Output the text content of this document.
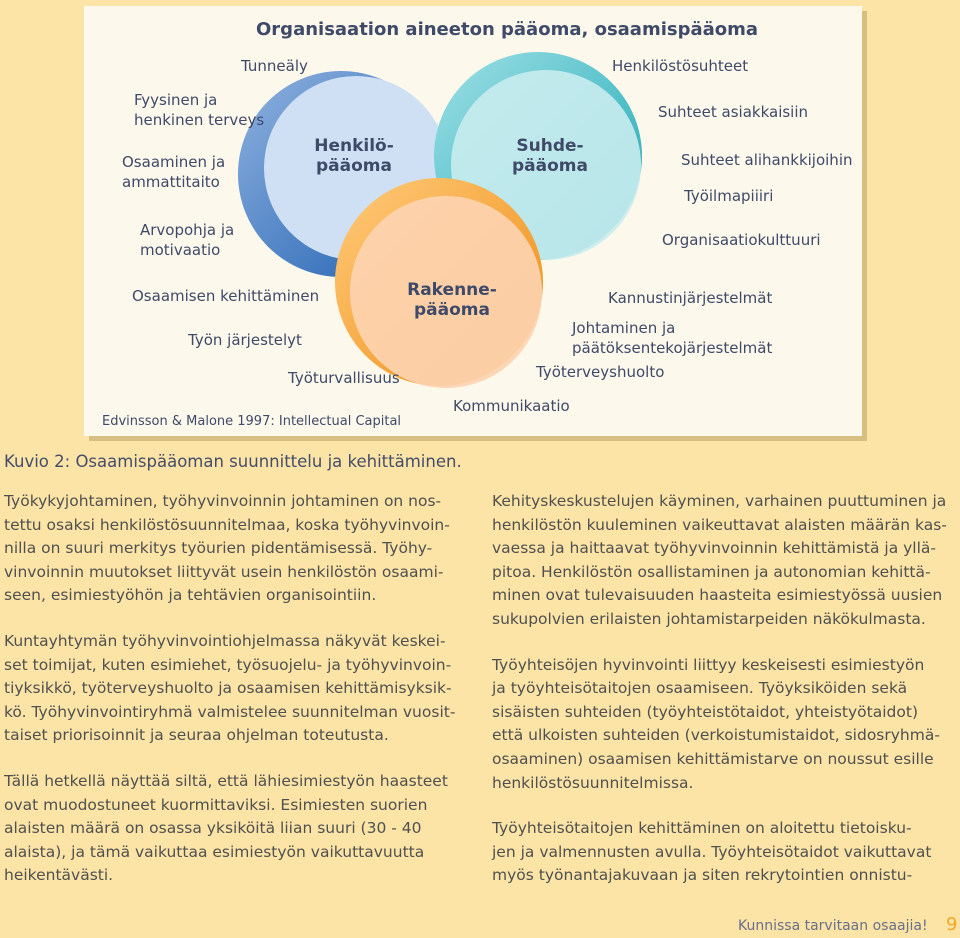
Organisaation aineeton pääoma, osaamispääoma
Henkilö-
pääoma
Suhde-
pääoma
Rakenne-
pääoma
Tunneäly
Fyysinen ja
henkinen terveys
Osaaminen ja
ammattitaito
Arvopohja ja
motivaatio
Osaamisen kehittäminen
Työn järjestelyt
Työturvallisuus
Henkilöstösuhteet
Suhteet asiakkaisiin
Suhteet alihankkijoihin
Työilmapiiiri
Organisaatiokulttuuri
Kannustinjärjestelmät
Johtaminen ja
päätöksentekojärjestelmät
Työterveyshuolto
Kommunikaatio
Edvinsson & Malone 1997: Intellectual Capital
Kuvio 2: Osaamispääoman suunnittelu ja kehittäminen.

Työkykyjohtaminen, työhyvinvoinnin johtaminen on nos-
tettu osaksi henkilöstösuunnitelmaa, koska työhyvinvoin-
nilla on suuri merkitys työurien pidentämisessä. Työhy-
vinvoinnin muutokset liittyvät usein henkilöstön osaami-
seen, esimiestyöhön ja tehtävien organisointiin.

Kuntayhtymän työhyvinvointiohjelmassa näkyvät keskei-
set toimijat, kuten esimiehet, työsuojelu- ja työhyvinvoin-
tiyksikkö, työterveyshuolto ja osaamisen kehittämisyksik-
kö. Työhyvinvointiryhmä valmistelee suunnitelman vuosit-
taiset priorisoinnit ja seuraa ohjelman toteutusta.

Tällä hetkellä näyttää siltä, että lähiesimiestyön haasteet
ovat muodostuneet kuormittaviksi. Esimiesten suorien
alaisten määrä on osassa yksiköitä liian suuri (30 - 40
alaista), ja tämä vaikuttaa esimiestyön vaikuttavuutta
heikentävästi.

Kehityskeskustelujen käyminen, varhainen puuttuminen ja
henkilöstön kuuleminen vaikeuttavat alaisten määrän kas-
vaessa ja haittaavat työhyvinvoinnin kehittämistä ja yllä-
pitoa. Henkilöstön osallistaminen ja autonomian kehittä-
minen ovat tulevaisuuden haasteita esimiestyössä uusien
sukupolvien erilaisten johtamistarpeiden näkökulmasta.

Työyhteisöjen hyvinvointi liittyy keskeisesti esimiestyön
ja työyhteisötaitojen osaamiseen. Työyksiköiden sekä
sisäisten suhteiden (työyhteistötaidot, yhteistyötaidot)
että ulkoisten suhteiden (verkoistumistaidot, sidosryhmä-
osaaminen) osaamisen kehittämistarve on noussut esille
henkilöstösuunnitelmissa.

Työyhteisötaitojen kehittäminen on aloitettu tietoisku-
jen ja valmennusten avulla. Työyhteisötaidot vaikuttavat
myös työnantajakuvaan ja siten rekrytointien onnistu-

Kunnissa tarvitaan osaajia! 9
